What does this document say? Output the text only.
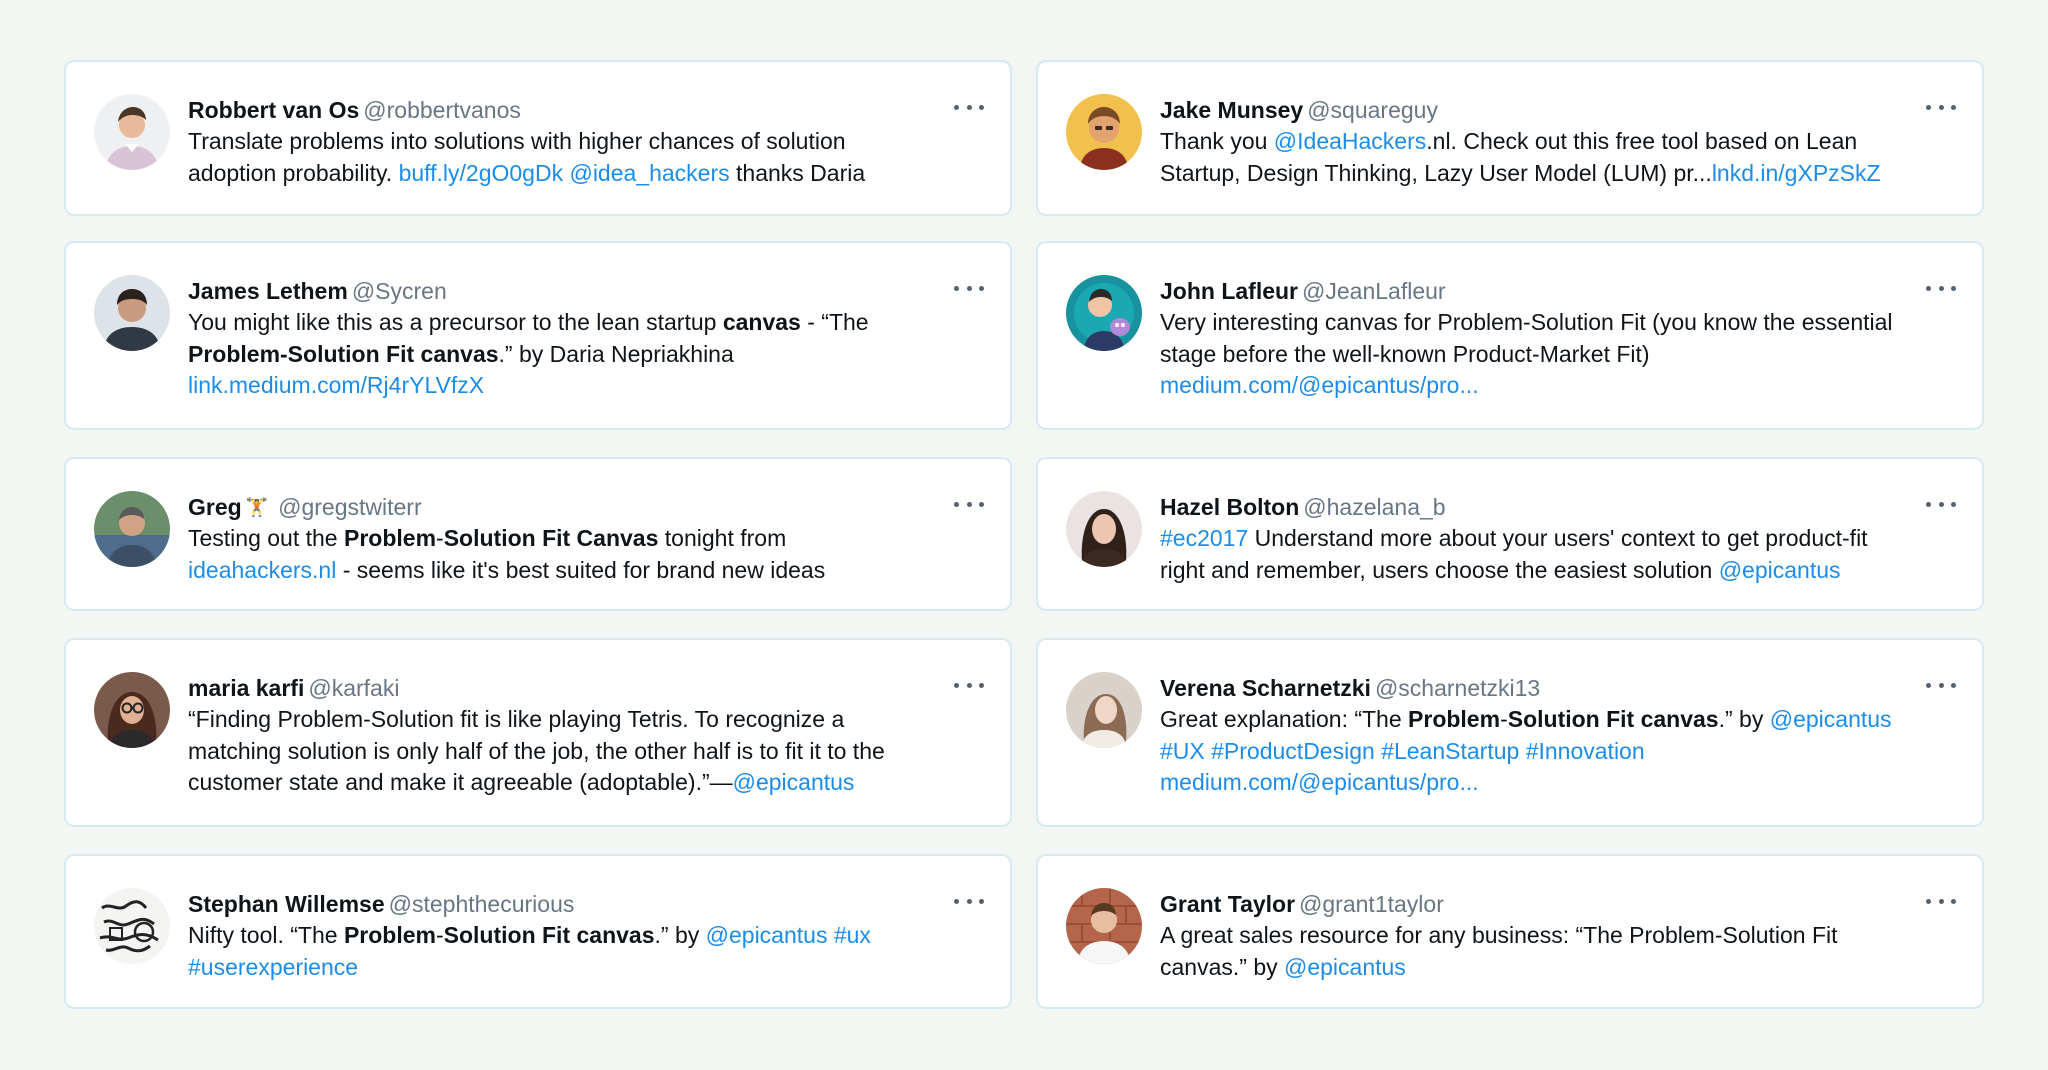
Robbert van Os @robbertvanos
Translate problems into solutions with higher chances of solution adoption probability. buff.ly/2gO0gDk @idea_hackers thanks Daria
Jake Munsey @squareguy
Thank you @IdeaHackers.nl. Check out this free tool based on Lean Startup, Design Thinking, Lazy User Model (LUM) pr...lnkd.in/gXPzSkZ
James Lethem @Sycren
You might like this as a precursor to the lean startup canvas - “The Problem-Solution Fit canvas.” by Daria Nepriakhina link.medium.com/Rj4rYLVfzX
John Lafleur @JeanLafleur
Very interesting canvas for Problem-Solution Fit (you know the essential stage before the well-known Product-Market Fit) medium.com/@epicantus/pro...
Greg 🏋 @gregstwiterr
Testing out the Problem-Solution Fit Canvas tonight from ideahackers.nl - seems like it's best suited for brand new ideas
Hazel Bolton @hazelana_b
#ec2017 Understand more about your users' context to get product-fit right and remember, users choose the easiest solution @epicantus
maria karfi @karfaki
“Finding Problem-Solution fit is like playing Tetris. To recognize a matching solution is only half of the job, the other half is to fit it to the customer state and make it agreeable (adoptable).”—@epicantus
Verena Scharnetzki @scharnetzki13
Great explanation: “The Problem-Solution Fit canvas.” by @epicantus #UX #ProductDesign #LeanStartup #Innovation medium.com/@epicantus/pro...
Stephan Willemse @stephthecurious
Nifty tool. “The Problem-Solution Fit canvas.” by @epicantus #ux #userexperience
Grant Taylor @grant1taylor
A great sales resource for any business: “The Problem-Solution Fit canvas.” by @epicantus
